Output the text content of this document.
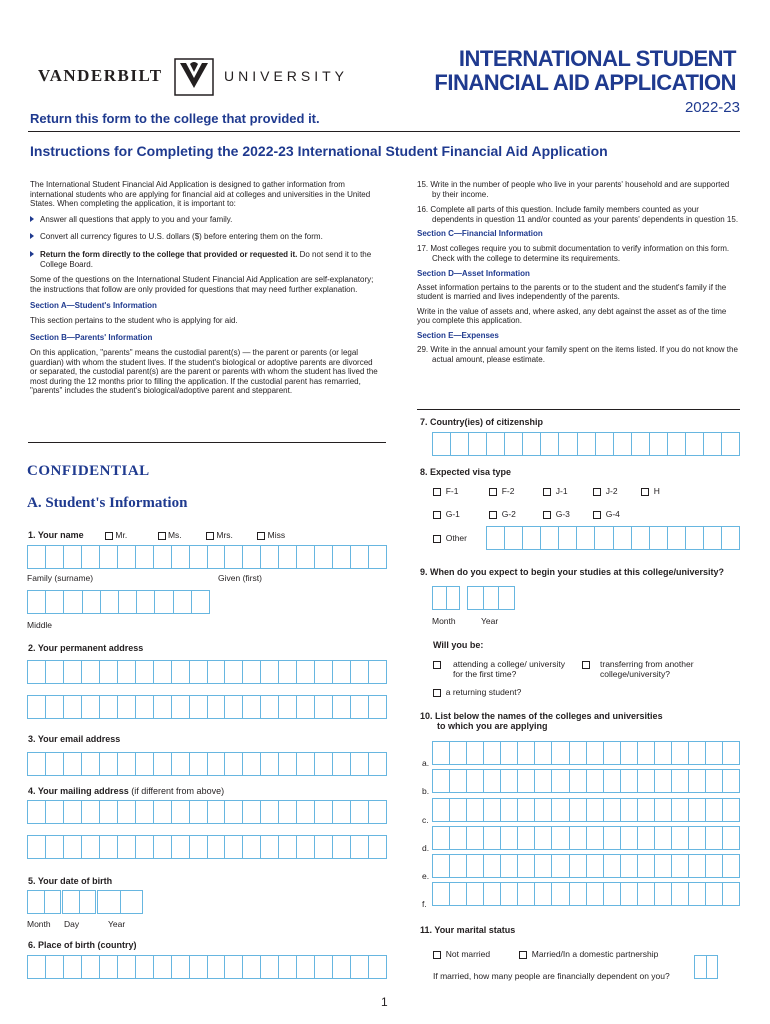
VANDERBILT	UNIVERSITY
INTERNATIONAL STUDENT
FINANCIAL AID APPLICATION
2022-23
Return this form to the college that provided it.
Instructions for Completing the 2022-23 International Student Financial Aid Application
The International Student Financial Aid Application is designed to gather information from international students who are applying for financial aid at colleges and universities in the United States. When completing the application, it is important to:
Answer all questions that apply to you and your family.
Convert all currency figures to U.S. dollars ($) before entering them on the form.
Return the form directly to the college that provided or requested it. Do not send it to the College Board.
Some of the questions on the International Student Financial Aid Application are self-explanatory; the instructions that follow are only provided for questions that may need further explanation.
Section A—Student's Information
This section pertains to the student who is applying for aid.
Section B—Parents' Information
On this application, "parents" means the custodial parent(s) — the parent or parents (or legal guardian) with whom the student lives. If the student's biological or adoptive parents are divorced or separated, the custodial parent(s) are the parent or parents with whom the student has lived the most during the 12 months prior to filling the application. If the custodial parent has remarried, "parents" includes the student's biological/adoptive parent and stepparent.
15. Write in the number of people who live in your parents' household and are supported by their income.
16. Complete all parts of this question. Include family members counted as your dependents in question 11 and/or counted as your parents' dependents in question 15.
Section C—Financial Information
17. Most colleges require you to submit documentation to verify information on this form. Check with the college to determine its requirements.
Section D—Asset Information
Asset information pertains to the parents or to the student and the student's family if the student is married and lives independently of the parents.
Write in the value of assets and, where asked, any debt against the asset as of the time you complete this application.
Section E—Expenses
29. Write in the annual amount your family spent on the items listed. If you do not know the actual amount, please estimate.
CONFIDENTIAL
A. Student's Information
1. Your name	Mr.	Ms.	Mrs.	Miss
Family (surname)	Given (first)
Middle
2. Your permanent address
3. Your email address
4. Your mailing address (if different from above)
5. Your date of birth
Month Day	Year
6. Place of birth (country)
7. Country(ies) of citizenship
8. Expected visa type
F-1	F-2	J-1	J-2	H
G-1	G-2	G-3	G-4
Other
9. When do you expect to begin your studies at this college/university?
Month	Year
Will you be:
attending a college/ university for the first time?
transferring from another college/university?
a returning student?
10. List below the names of the colleges and universities
to which you are applying
a.
b.
c.
d.
e.
f.
11. Your marital status
Not married	Married/In a domestic partnership
If married, how many people are financially dependent on you?
1
